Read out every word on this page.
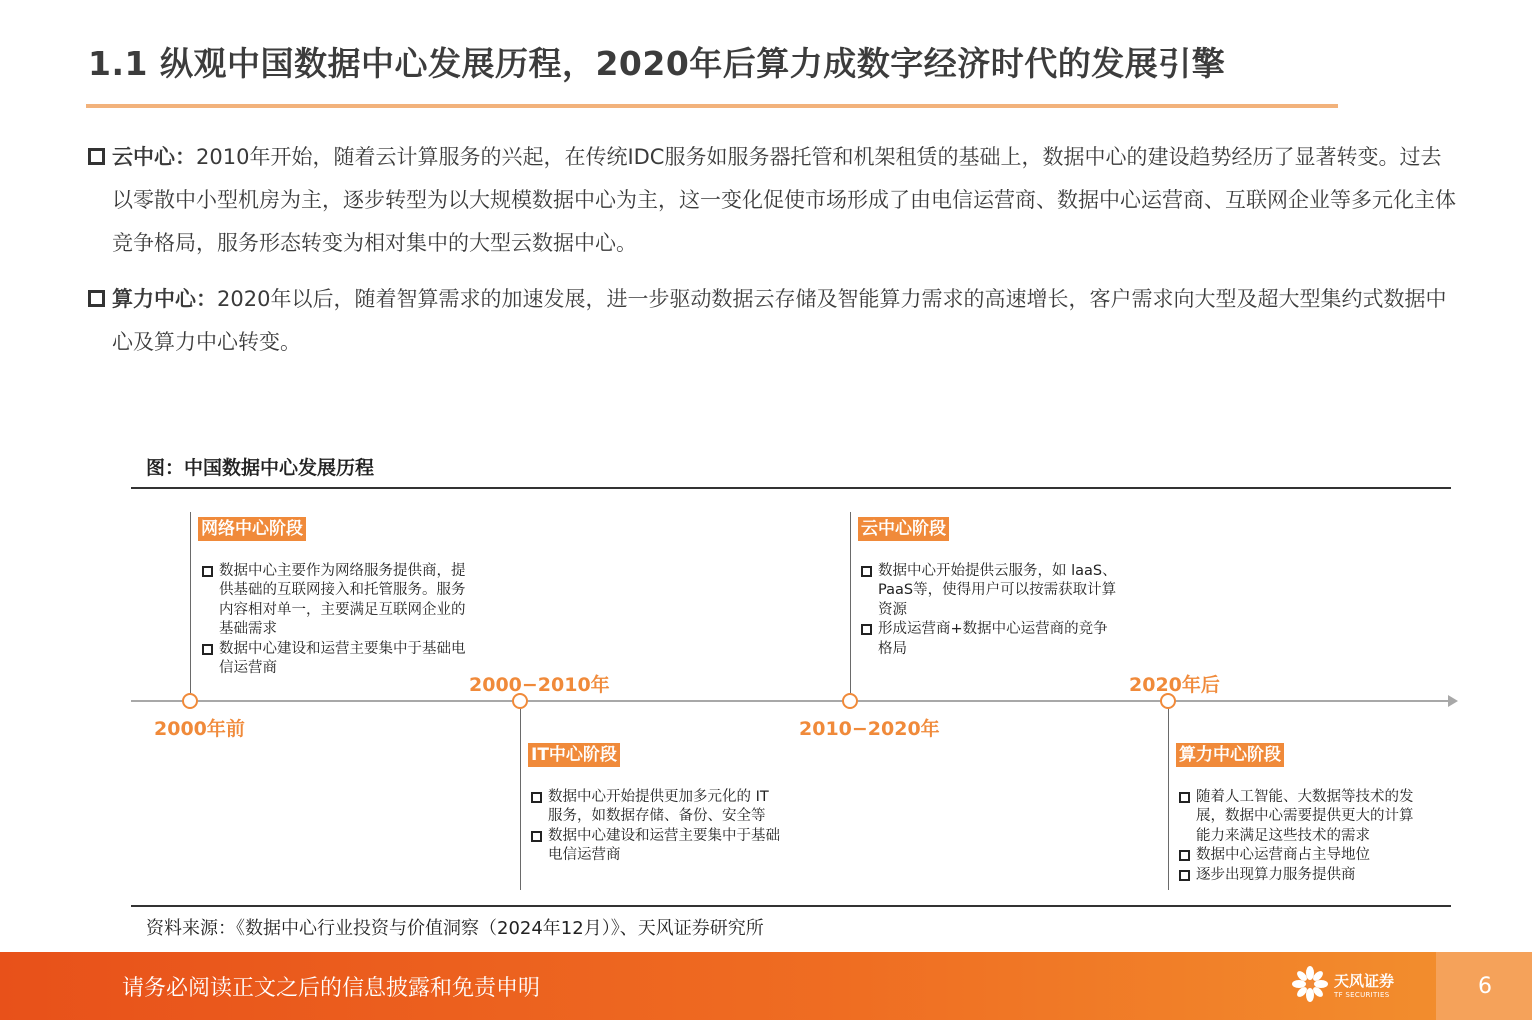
1.1 纵观中国数据中心发展历程，2020年后算力成数字经济时代的发展引擎
云中心：2010年开始，随着云计算服务的兴起，在传统IDC服务如服务器托管和机架租赁的基础上，数据中心的建设趋势经历了显著转变。过去以零散中小型机房为主，逐步转型为以大规模数据中心为主，这一变化促使市场形成了由电信运营商、数据中心运营商、互联网企业等多元化主体竞争格局，服务形态转变为相对集中的大型云数据中心。
算力中心：2020年以后，随着智算需求的加速发展，进一步驱动数据云存储及智能算力需求的高速增长，客户需求向大型及超大型集约式数据中心及算力中心转变。
图：中国数据中心发展历程
2000年前
2000−2010年
2010−2020年
2020年后
网络中心阶段
数据中心主要作为网络服务提供商，提供基础的互联网接入和托管服务。服务内容相对单一，主要满足互联网企业的基础需求
数据中心建设和运营主要集中于基础电信运营商
IT中心阶段
数据中心开始提供更加多元化的 IT 服务，如数据存储、备份、安全等
数据中心建设和运营主要集中于基础电信运营商
云中心阶段
数据中心开始提供云服务，如 laaS、PaaS等，使得用户可以按需获取计算资源
形成运营商+数据中心运营商的竞争格局
算力中心阶段
随着人工智能、大数据等技术的发展，数据中心需要提供更大的计算能力来满足这些技术的需求
数据中心运营商占主导地位
逐步出现算力服务提供商
资料来源：《数据中心行业投资与价值洞察（2024年12月）》、天风证券研究所
请务必阅读正文之后的信息披露和免责申明	天风证券
TF SECURITIES	6
